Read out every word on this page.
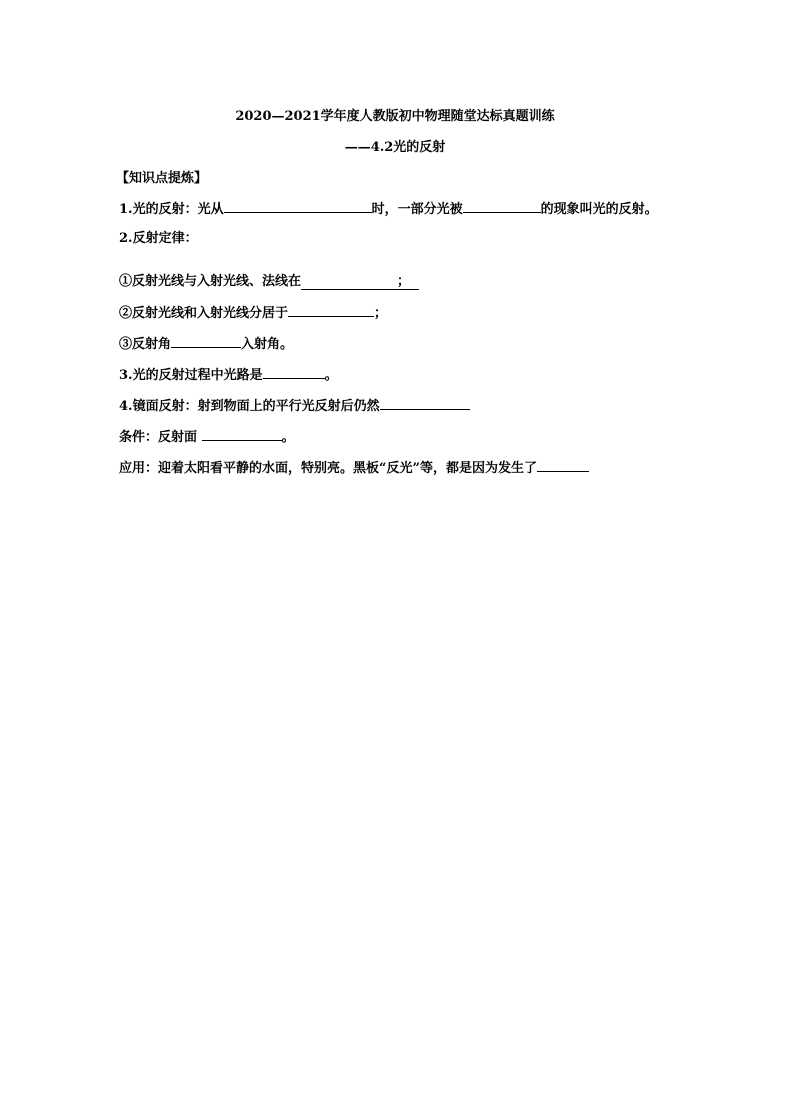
2020—2021学年度人教版初中物理随堂达标真题训练
——4.2光的反射
【知识点提炼】
1.光的反射：光从	时，一部分光被	的现象叫光的反射。
2.反射定律：
①反射光线与入射光线、法线在	；
②反射光线和入射光线分居于	；
③反射角	入射角。
3.光的反射过程中光路是	。
4.镜面反射：射到物面上的平行光反射后仍然
条件：反射面	。
应用：迎着太阳看平静的水面，特别亮。黑板“反光”等，都是因为发生了
